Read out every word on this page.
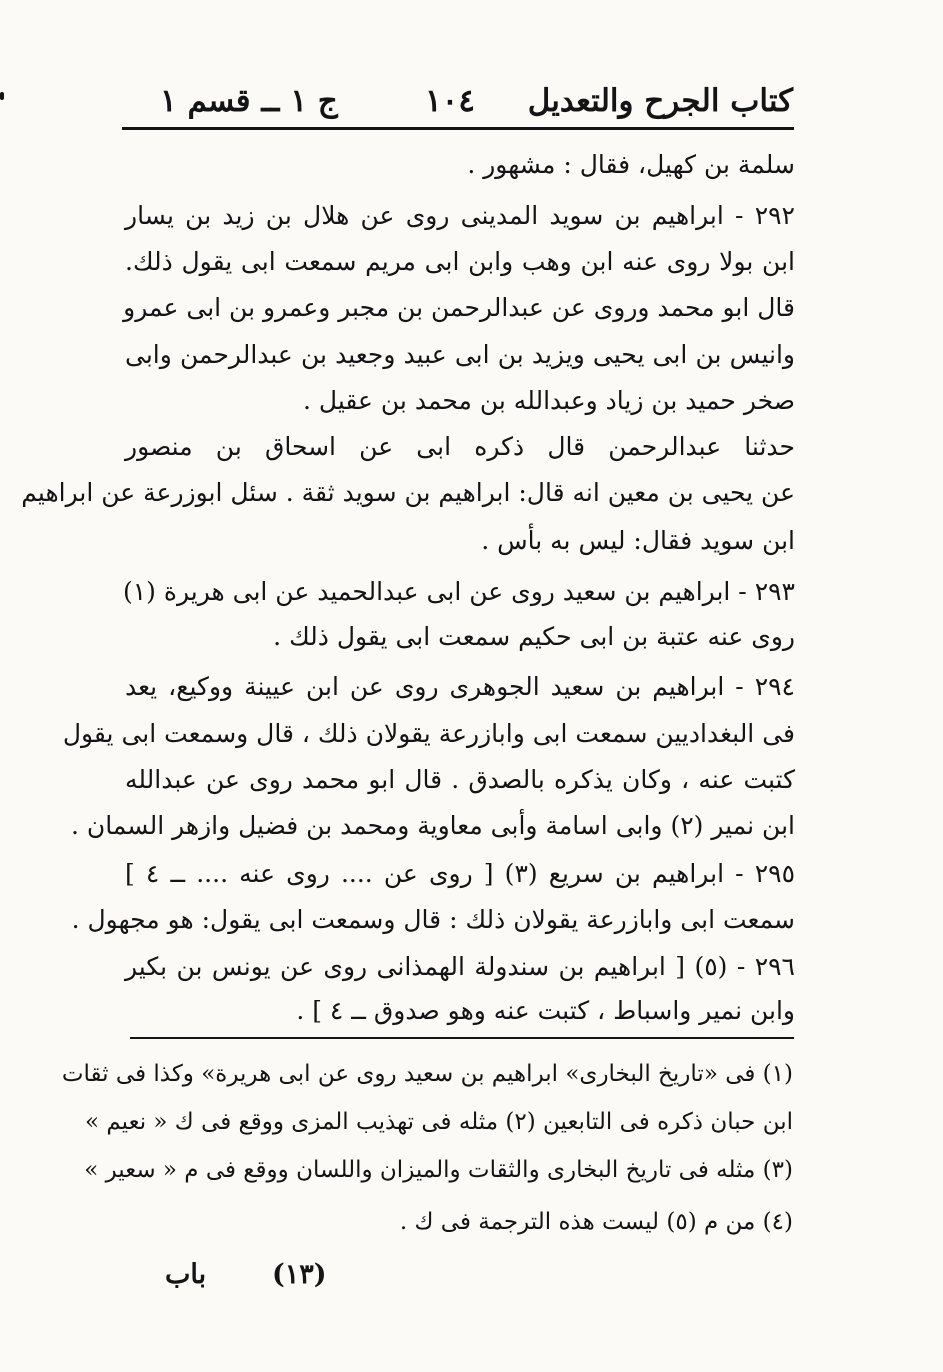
كتاب الجرح والتعديل
١٠٤
ج ١ ــ قسم ١
سلمة بن كهيل، فقال : مشهور .
٢٩٢ - ابراهيم بن سويد المدينى روى عن هلال بن زيد بن يسار
ابن بولا روى عنه ابن وهب وابن ابى مريم سمعت ابى يقول ذلك.
قال ابو محمد وروى عن عبدالرحمن بن مجبر وعمرو بن ابى عمرو
وانيس بن ابى يحيى ويزيد بن ابى عبيد وجعيد بن عبدالرحمن وابى
صخر حميد بن زياد وعبدالله بن محمد بن عقيل .
حدثنا عبدالرحمن قال ذكره ابى عن اسحاق بن منصور
عن يحيى بن معين انه قال: ابراهيم بن سويد ثقة . سئل ابوزرعة عن ابراهيم
ابن سويد فقال: ليس به بأس .
٢٩٣ - ابراهيم بن سعيد روى عن ابى عبدالحميد عن ابى هريرة (١)
روى عنه عتبة بن ابى حكيم سمعت ابى يقول ذلك .
٢٩٤ - ابراهيم بن سعيد الجوهرى روى عن ابن عيينة ووكيع، يعد
فى البغداديين سمعت ابى وابازرعة يقولان ذلك ، قال وسمعت ابى يقول
كتبت عنه ، وكان يذكره بالصدق . قال ابو محمد روى عن عبدالله
ابن نمير (٢) وابى اسامة وأبى معاوية ومحمد بن فضيل وازهر السمان .
٢٩٥ - ابراهيم بن سريع (٣) [ روى عن .... روى عنه .... ــ ٤ ]
سمعت ابى وابازرعة يقولان ذلك : قال وسمعت ابى يقول: هو مجهول .
٢٩٦ - (٥) [ ابراهيم بن سندولة الهمذانى روى عن يونس بن بكير
وابن نمير واسباط ، كتبت عنه وهو صدوق ــ ٤ ] .
(١) فى «تاريخ البخارى» ابراهيم بن سعيد روى عن ابى هريرة» وكذا فى ثقات
ابن حبان ذكره فى التابعين (٢) مثله فى تهذيب المزى ووقع فى ك « نعيم »
(٣) مثله فى تاريخ البخارى والثقات والميزان واللسان ووقع فى م « سعير »
(٤) من م (٥) ليست هذه الترجمة فى ك .
(١٣)
باب
